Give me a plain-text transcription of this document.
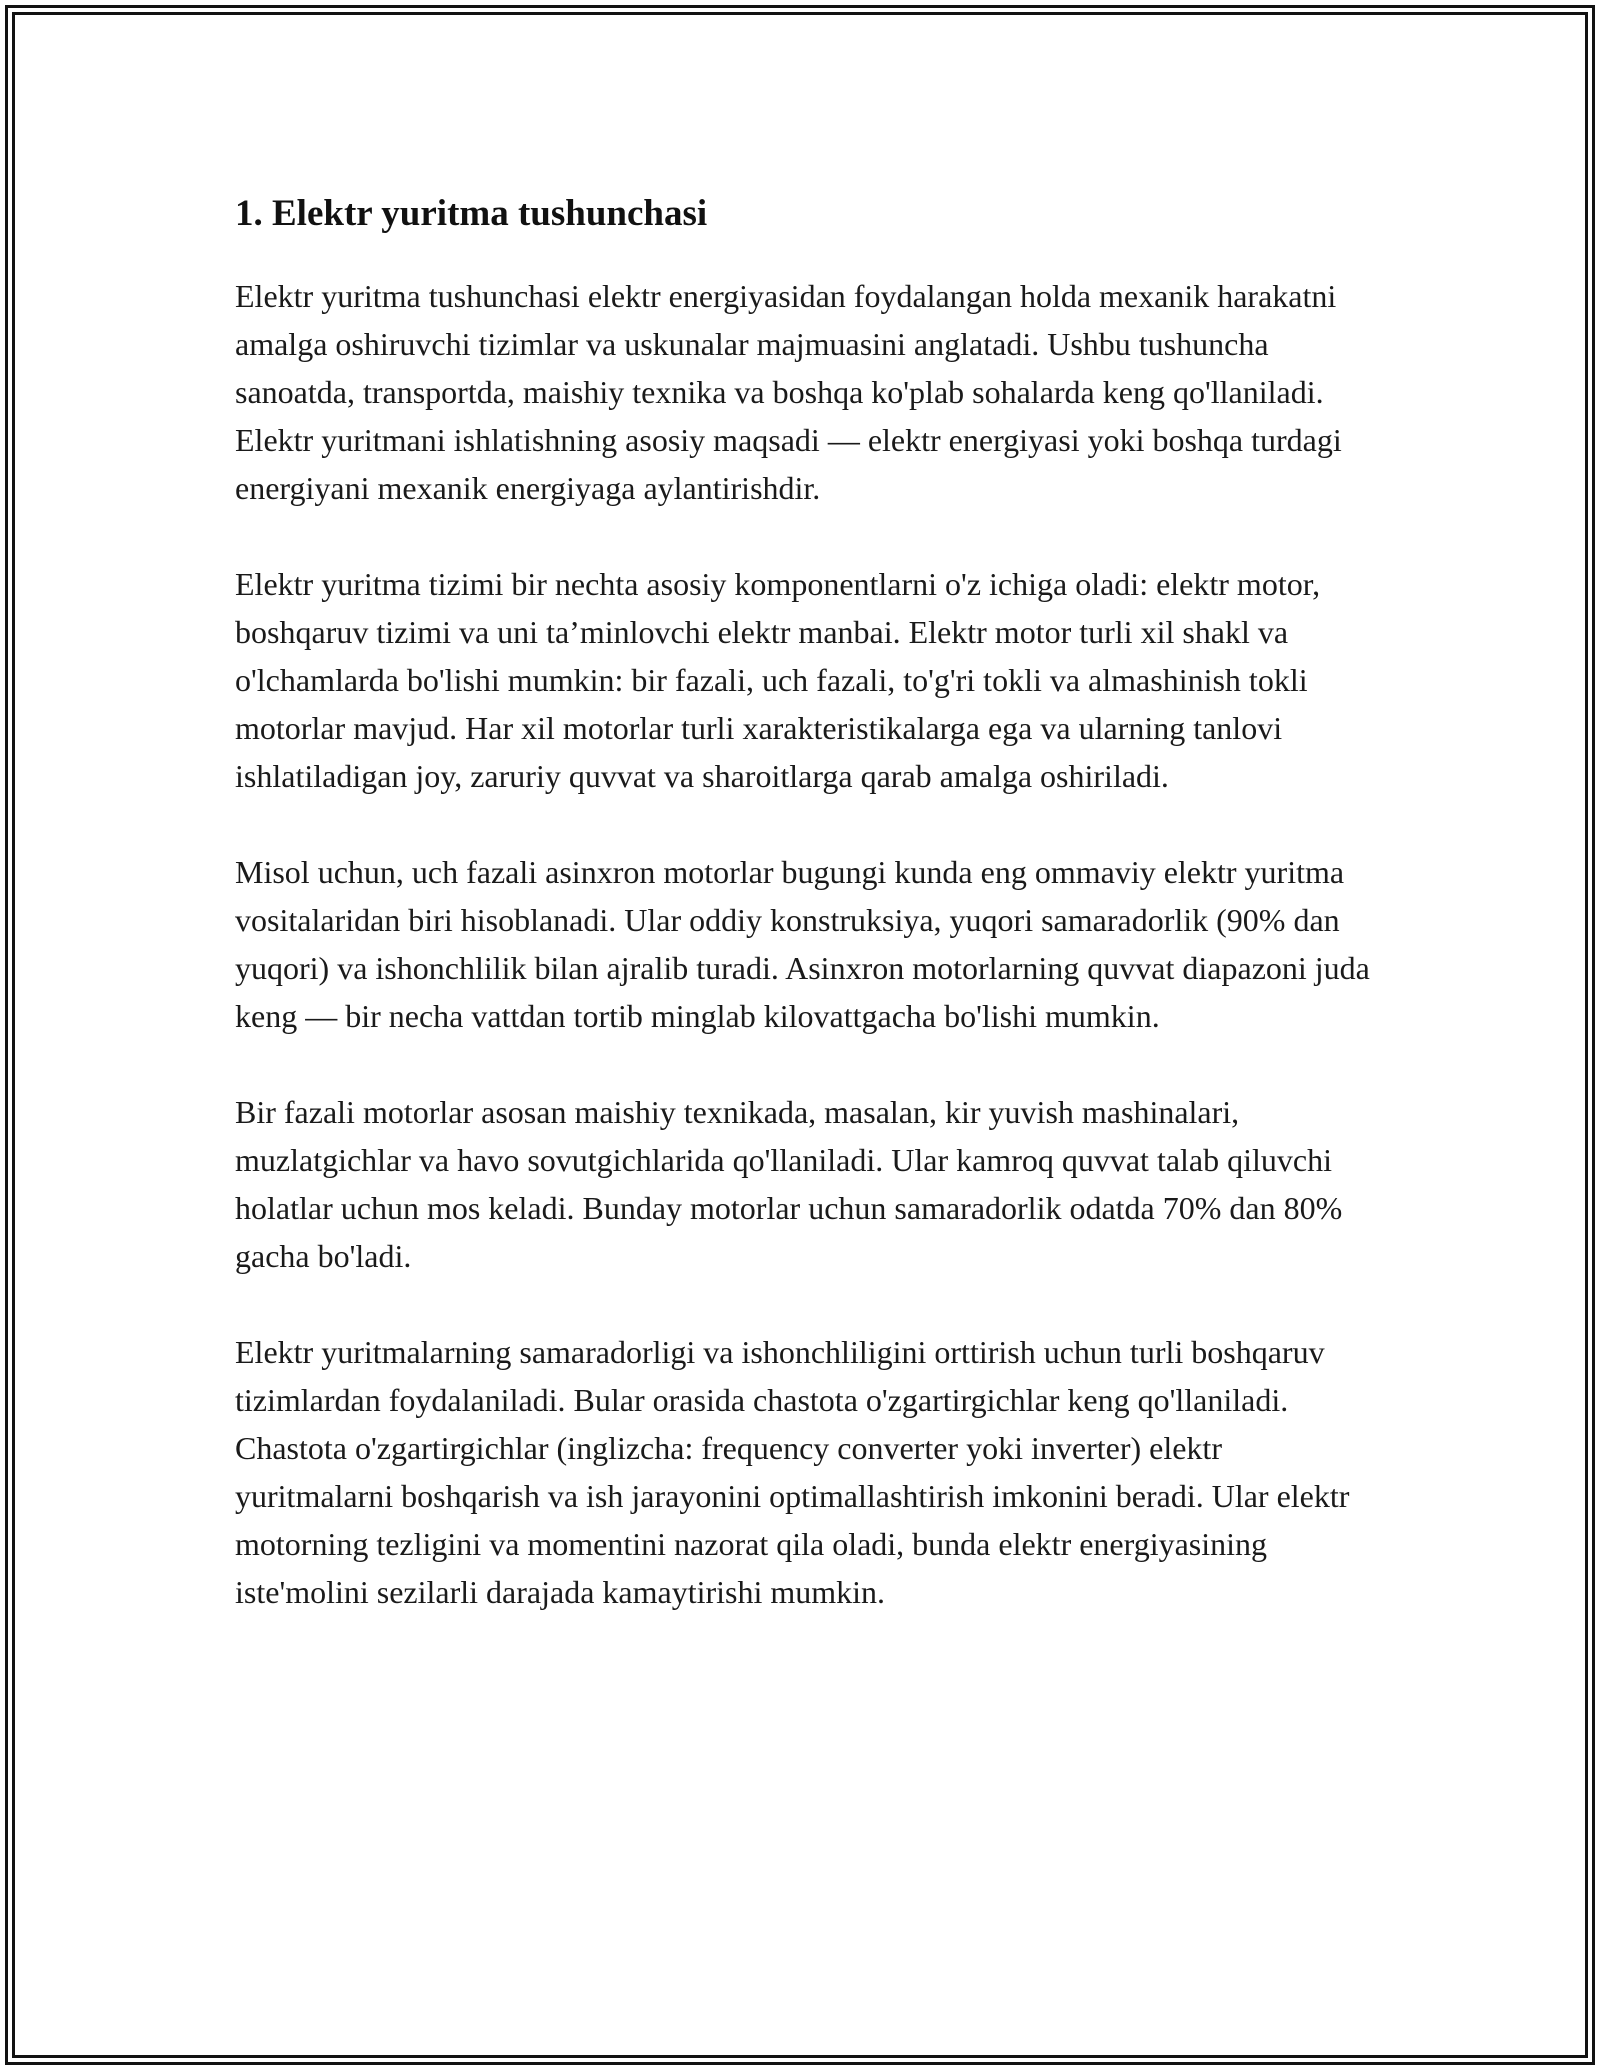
1. Elektr yuritma tushunchasi

Elektr yuritma tushunchasi elektr energiyasidan foydalangan holda mexanik harakatni amalga oshiruvchi tizimlar va uskunalar majmuasini anglatadi. Ushbu tushuncha sanoatda, transportda, maishiy texnika va boshqa ko'plab sohalarda keng qo'llaniladi. Elektr yuritmani ishlatishning asosiy maqsadi — elektr energiyasi yoki boshqa turdagi energiyani mexanik energiyaga aylantirishdir.

Elektr yuritma tizimi bir nechta asosiy komponentlarni o'z ichiga oladi: elektr motor, boshqaruv tizimi va uni ta’minlovchi elektr manbai. Elektr motor turli xil shakl va o'lchamlarda bo'lishi mumkin: bir fazali, uch fazali, to'g'ri tokli va almashinish tokli motorlar mavjud. Har xil motorlar turli xarakteristikalarga ega va ularning tanlovi ishlatiladigan joy, zaruriy quvvat va sharoitlarga qarab amalga oshiriladi.

Misol uchun, uch fazali asinxron motorlar bugungi kunda eng ommaviy elektr yuritma vositalaridan biri hisoblanadi. Ular oddiy konstruksiya, yuqori samaradorlik (90% dan yuqori) va ishonchlilik bilan ajralib turadi. Asinxron motorlarning quvvat diapazoni juda keng — bir necha vattdan tortib minglab kilovattgacha bo'lishi mumkin.

Bir fazali motorlar asosan maishiy texnikada, masalan, kir yuvish mashinalari, muzlatgichlar va havo sovutgichlarida qo'llaniladi. Ular kamroq quvvat talab qiluvchi holatlar uchun mos keladi. Bunday motorlar uchun samaradorlik odatda 70% dan 80% gacha bo'ladi.

Elektr yuritmalarning samaradorligi va ishonchliligini orttirish uchun turli boshqaruv tizimlardan foydalaniladi. Bular orasida chastota o'zgartirgichlar keng qo'llaniladi. Chastota o'zgartirgichlar (inglizcha: frequency converter yoki inverter) elektr yuritmalarni boshqarish va ish jarayonini optimallashtirish imkonini beradi. Ular elektr motorning tezligini va momentini nazorat qila oladi, bunda elektr energiyasining iste'molini sezilarli darajada kamaytirishi mumkin.
